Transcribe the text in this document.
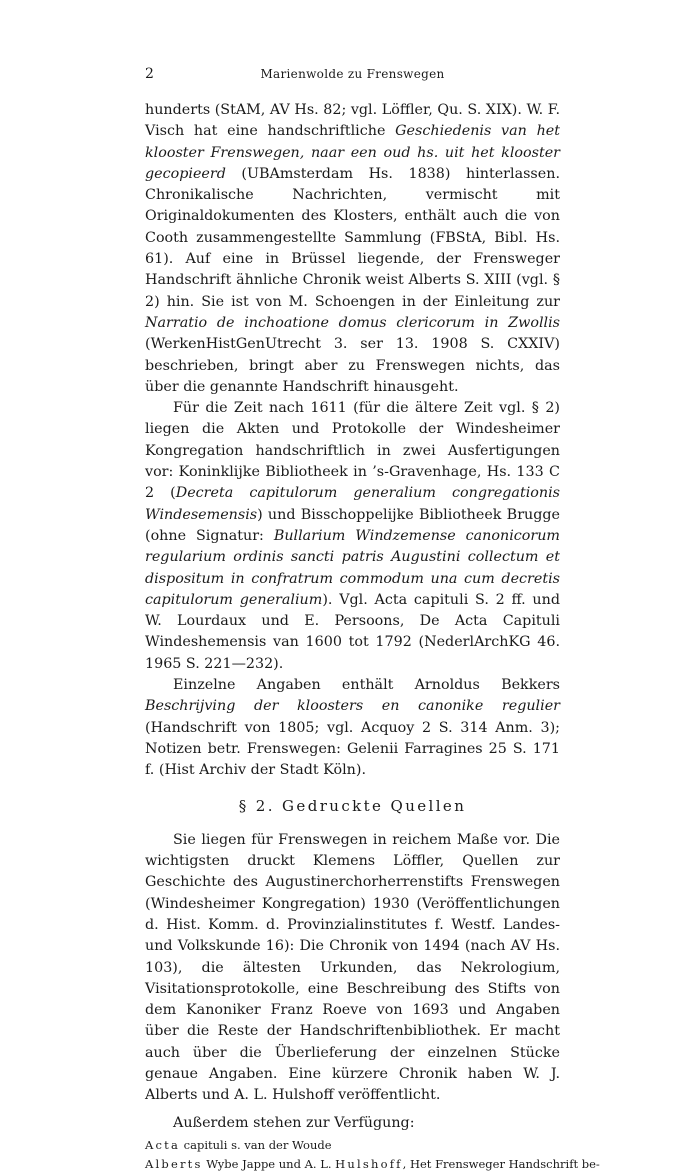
2	Marienwolde zu Frenswegen

hunderts (StAM, AV Hs. 82; vgl. Löffler, Qu. S. XIX). W. F. Visch hat eine handschriftliche Geschiedenis van het klooster Frenswegen, naar een oud hs. uit het klooster gecopieerd (UBAmsterdam Hs. 1838) hinterlassen. Chronikalische Nachrichten, vermischt mit Originaldokumenten des Klosters, enthält auch die von Cooth zusammengestellte Sammlung (FBStA, Bibl. Hs. 61). Auf eine in Brüssel liegende, der Frensweger Handschrift ähnliche Chronik weist Alberts S. XIII (vgl. § 2) hin. Sie ist von M. Schoengen in der Einleitung zur Narratio de inchoatione domus clericorum in Zwollis (WerkenHistGenUtrecht 3. ser 13. 1908 S. CXXIV) beschrieben, bringt aber zu Frenswegen nichts, das über die genannte Handschrift hinausgeht.

Für die Zeit nach 1611 (für die ältere Zeit vgl. § 2) liegen die Akten und Protokolle der Windesheimer Kongregation handschriftlich in zwei Ausfertigungen vor: Koninklijke Bibliotheek in ’s-Gravenhage, Hs. 133 C 2 (Decreta capitulorum generalium congregationis Windesemensis) und Bisschoppelijke Bibliotheek Brugge (ohne Signatur: Bullarium Windzemense canonicorum regularium ordinis sancti patris Augustini collectum et dispositum in confratrum commodum una cum decretis capitulorum generalium). Vgl. Acta capituli S. 2 ff. und W. Lourdaux und E. Persoons, De Acta Capituli Windeshemensis van 1600 tot 1792 (NederlArchKG 46. 1965 S. 221—232).

Einzelne Angaben enthält Arnoldus Bekkers Beschrijving der kloosters en canonike regulier (Handschrift von 1805; vgl. Acquoy 2 S. 314 Anm. 3); Notizen betr. Frenswegen: Gelenii Farragines 25 S. 171 f. (Hist Archiv der Stadt Köln).

§ 2. Gedruckte Quellen

Sie liegen für Frenswegen in reichem Maße vor. Die wichtigsten druckt Klemens Löffler, Quellen zur Geschichte des Augustinerchorherrenstifts Frenswegen (Windesheimer Kongregation) 1930 (Veröffentlichungen d. Hist. Komm. d. Provinzialinstitutes f. Westf. Landes- und Volkskunde 16): Die Chronik von 1494 (nach AV Hs. 103), die ältesten Urkunden, das Nekrologium, Visitationsprotokolle, eine Beschreibung des Stifts von dem Kanoniker Franz Roeve von 1693 und Angaben über die Reste der Handschriftenbibliothek. Er macht auch über die Überlieferung der einzelnen Stücke genaue Angaben. Eine kürzere Chronik haben W. J. Alberts und A. L. Hulshoff veröffentlicht.

Außerdem stehen zur Verfügung:

Acta capituli s. van der Woude
Alberts Wybe Jappe und A. L. Hulshoff, Het Frensweger Handschrift be-
